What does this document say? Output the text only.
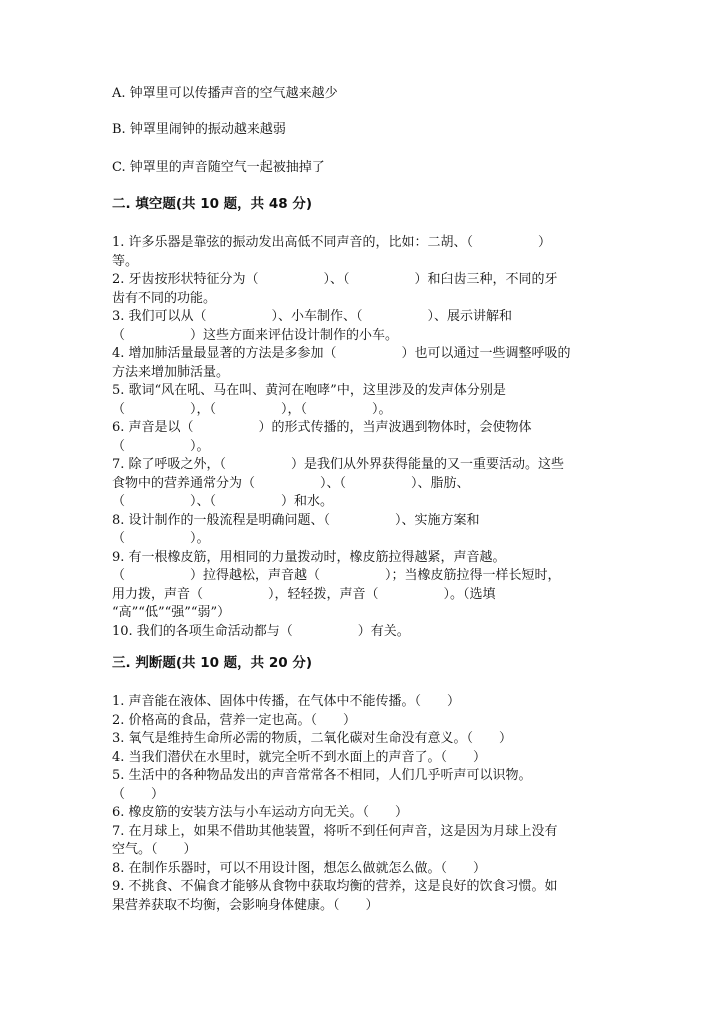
A. 钟罩里可以传播声音的空气越来越少

B. 钟罩里闹钟的振动越来越弱

C. 钟罩里的声音随空气一起被抽掉了

二. 填空题(共 10 题，共 48 分)

1. 许多乐器是靠弦的振动发出高低不同声音的，比如：二胡、（　　　　　）
等。

2. 牙齿按形状特征分为（　　　　　）、（　　　　　）和臼齿三种，不同的牙
齿有不同的功能。

3. 我们可以从（　　　　　）、小车制作、（　　　　　）、展示讲解和
（　　　　　）这些方面来评估设计制作的小车。

4. 增加肺活量最显著的方法是多参加（　　　　　）也可以通过一些调整呼吸的
方法来增加肺活量。

5. 歌词“风在吼、马在叫、黄河在咆哮”中，这里涉及的发声体分别是
（　　　　　），（　　　　　），（　　　　　）。

6. 声音是以（　　　　　）的形式传播的，当声波遇到物体时，会使物体
（　　　　　）。

7. 除了呼吸之外，（　　　　　）是我们从外界获得能量的又一重要活动。这些
食物中的营养通常分为（　　　　　）、（　　　　　）、脂肪、
（　　　　　）、（　　　　　）和水。

8. 设计制作的一般流程是明确问题、（　　　　　）、实施方案和
（　　　　　）。

9. 有一根橡皮筋，用相同的力量拨动时，橡皮筋拉得越紧，声音越。
（　　　　　）拉得越松，声音越（　　　　　）；当橡皮筋拉得一样长短时，
用力拨，声音（　　　　　），轻轻拨，声音（　　　　　）。（选填
“高”“低”“强”“弱”）

10. 我们的各项生命活动都与（　　　　　）有关。

三. 判断题(共 10 题，共 20 分)

1. 声音能在液体、固体中传播，在气体中不能传播。（　　）

2. 价格高的食品，营养一定也高。（　　）

3. 氧气是维持生命所必需的物质，二氧化碳对生命没有意义。（　　）

4. 当我们潜伏在水里时，就完全听不到水面上的声音了。（　　）

5. 生活中的各种物品发出的声音常常各不相同，人们几乎听声可以识物。
（　　）

6. 橡皮筋的安装方法与小车运动方向无关。（　　）

7. 在月球上，如果不借助其他装置，将听不到任何声音，这是因为月球上没有
空气。（　　）

8. 在制作乐器时，可以不用设计图，想怎么做就怎么做。（　　）

9. 不挑食、不偏食才能够从食物中获取均衡的营养，这是良好的饮食习惯。如
果营养获取不均衡，会影响身体健康。（　　）
